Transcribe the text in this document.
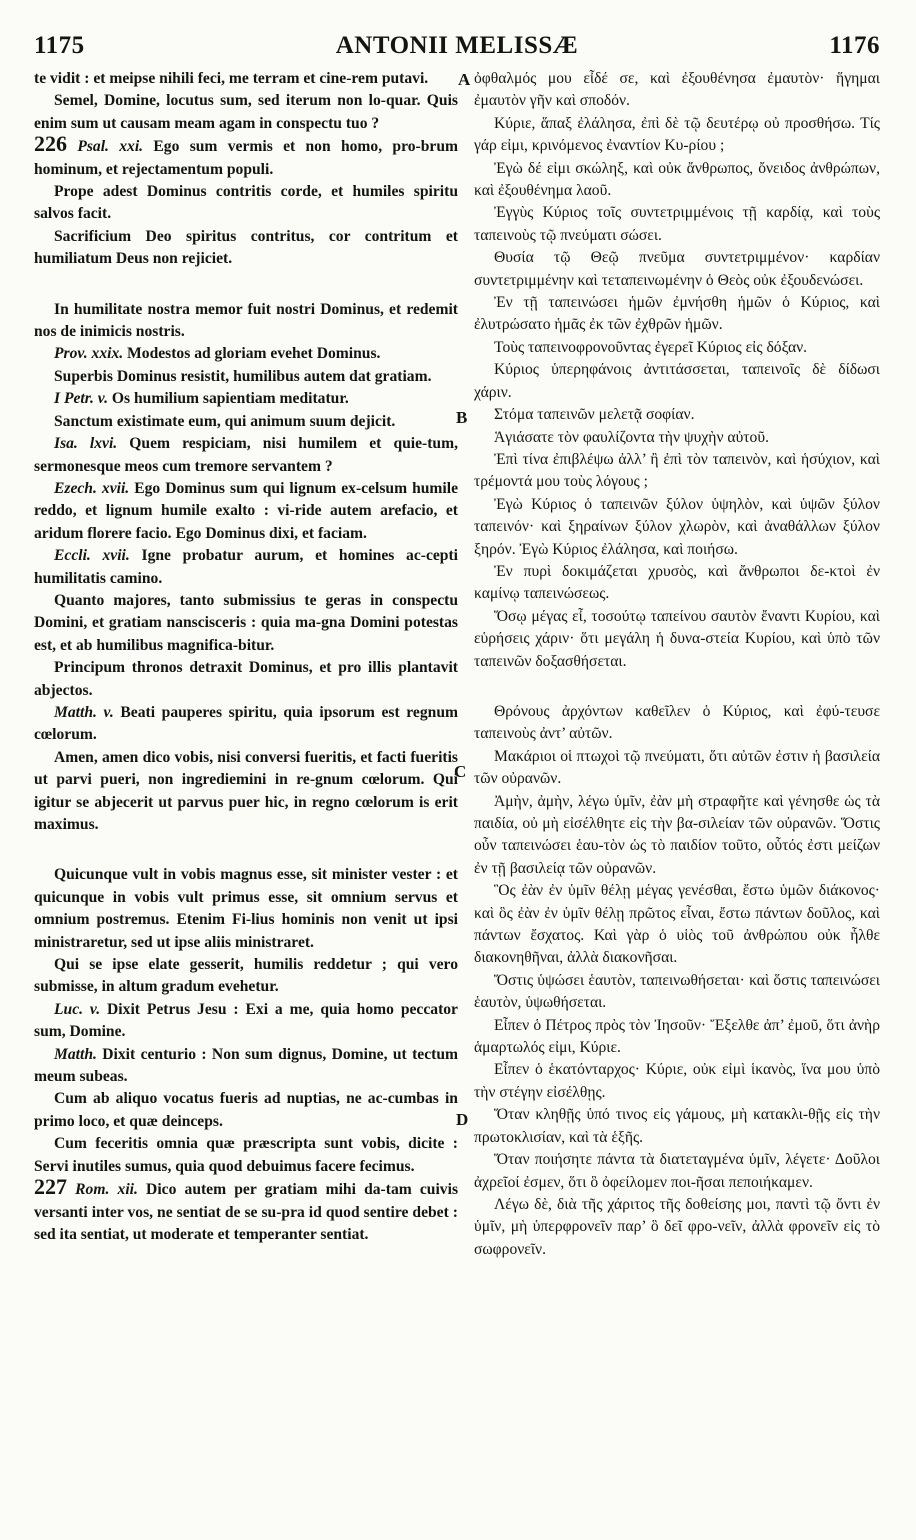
1175	ANTONII MELISSÆ	1176

te vidit : et meipse nihili feci, me terram et cine-rem putavi.

Semel, Domine, locutus sum, sed iterum non lo-quar. Quis enim sum ut causam meam agam in conspectu tuo ?

226 Psal. xxi. Ego sum vermis et non homo, pro-brum hominum, et rejectamentum populi.

Prope adest Dominus contritis corde, et humiles spiritu salvos facit.

Sacrificium Deo spiritus contritus, cor contritum et humiliatum Deus non rejiciet.

In humilitate nostra memor fuit nostri Dominus, et redemit nos de inimicis nostris.

Prov. xxix. Modestos ad gloriam evehet Dominus.

Superbis Dominus resistit, humilibus autem dat gratiam.

I Petr. v. Os humilium sapientiam meditatur.

Sanctum existimate eum, qui animum suum dejicit.

Isa. lxvi. Quem respiciam, nisi humilem et quie-tum, sermonesque meos cum tremore servantem ?

Ezech. xvii. Ego Dominus sum qui lignum ex-celsum humile reddo, et lignum humile exalto : vi-ride autem arefacio, et aridum florere facio. Ego Dominus dixi, et faciam.

Eccli. xvii. Igne probatur aurum, et homines ac-cepti humilitatis camino.

Quanto majores, tanto submissius te geras in conspectu Domini, et gratiam nanscisceris : quia ma-gna Domini potestas est, et ab humilibus magnifica-bitur.

Principum thronos detraxit Dominus, et pro illis plantavit abjectos.

Matth. v. Beati pauperes spiritu, quia ipsorum est regnum cœlorum.

Amen, amen dico vobis, nisi conversi fueritis, et facti fueritis ut parvi pueri, non ingrediemini in re-gnum cœlorum. Qui igitur se abjecerit ut parvus puer hic, in regno cœlorum is erit maximus.

Quicunque vult in vobis magnus esse, sit minister vester : et quicunque in vobis vult primus esse, sit omnium servus et omnium postremus. Etenim Fi-lius hominis non venit ut ipsi ministraretur, sed ut ipse aliis ministraret.

Qui se ipse elate gesserit, humilis reddetur ; qui vero submisse, in altum gradum evehetur.

Luc. v. Dixit Petrus Jesu : Exi a me, quia homo peccator sum, Domine.

Matth. Dixit centurio : Non sum dignus, Domine, ut tectum meum subeas.

Cum ab aliquo vocatus fueris ad nuptias, ne ac-cumbas in primo loco, et quæ deinceps.

Cum feceritis omnia quæ præscripta sunt vobis, dicite : Servi inutiles sumus, quia quod debuimus facere fecimus.

227 Rom. xii. Dico autem per gratiam mihi da-tam cuivis versanti inter vos, ne sentiat de se su-pra id quod sentire debet : sed ita sentiat, ut moderate et temperanter sentiat.

A
B
C
D

ὀφθαλμός μου εἶδέ σε, καὶ ἐξουθένησα ἐμαυτὸν· ἥγημαι ἐμαυτὸν γῆν καὶ σποδόν.

Κύριε, ἅπαξ ἐλάλησα, ἐπὶ δὲ τῷ δευτέρῳ οὐ προσθήσω. Τίς γάρ εἰμι, κρινόμενος ἐναντίον Κυ-ρίου ;

Ἐγὼ δέ εἰμι σκώληξ, καὶ οὐκ ἄνθρωπος, ὄνειδος ἀνθρώπων, καὶ ἐξουθένημα λαοῦ.

Ἐγγὺς Κύριος τοῖς συντετριμμένοις τῇ καρδίᾳ, καὶ τοὺς ταπεινοὺς τῷ πνεύματι σώσει.

Θυσία τῷ Θεῷ πνεῦμα συντετριμμένον· καρδίαν συντετριμμένην καὶ τεταπεινωμένην ὁ Θεὸς οὐκ ἐξουδενώσει.

Ἐν τῇ ταπεινώσει ἡμῶν ἐμνήσθη ἡμῶν ὁ Κύριος, καὶ ἐλυτρώσατο ἡμᾶς ἐκ τῶν ἐχθρῶν ἡμῶν.

Τοὺς ταπεινοφρονοῦντας ἐγερεῖ Κύριος εἰς δόξαν.

Κύριος ὑπερηφάνοις ἀντιτάσσεται, ταπεινοῖς δὲ δίδωσι χάριν.

Στόμα ταπεινῶν μελετᾷ σοφίαν.

Ἁγιάσατε τὸν φαυλίζοντα τὴν ψυχὴν αὐτοῦ.

Ἐπὶ τίνα ἐπιβλέψω ἀλλ’ ἢ ἐπὶ τὸν ταπεινὸν, καὶ ἡσύχιον, καὶ τρέμοντά μου τοὺς λόγους ;

Ἐγὼ Κύριος ὁ ταπεινῶν ξύλον ὑψηλὸν, καὶ ὑψῶν ξύλον ταπεινόν· καὶ ξηραίνων ξύλον χλωρὸν, καὶ ἀναθάλλων ξύλον ξηρόν. Ἐγὼ Κύριος ἐλάλησα, καὶ ποιήσω.

Ἐν πυρὶ δοκιμάζεται χρυσὸς, καὶ ἄνθρωποι δε-κτοὶ ἐν καμίνῳ ταπεινώσεως.

Ὅσῳ μέγας εἶ, τοσούτῳ ταπείνου σαυτὸν ἔναντι Κυρίου, καὶ εὑρήσεις χάριν· ὅτι μεγάλη ἡ δυνα-στεία Κυρίου, καὶ ὑπὸ τῶν ταπεινῶν δοξασθήσεται.

Θρόνους ἀρχόντων καθεῖλεν ὁ Κύριος, καὶ ἐφύ-τευσε ταπεινοὺς ἀντ’ αὐτῶν.

Μακάριοι οἱ πτωχοὶ τῷ πνεύματι, ὅτι αὐτῶν ἐστιν ἡ βασιλεία τῶν οὐρανῶν.

Ἀμὴν, ἀμὴν, λέγω ὑμῖν, ἐὰν μὴ στραφῆτε καὶ γένησθε ὡς τὰ παιδία, οὐ μὴ εἰσέλθητε εἰς τὴν βα-σιλείαν τῶν οὐρανῶν. Ὅστις οὖν ταπεινώσει ἑαυ-τὸν ὡς τὸ παιδίον τοῦτο, οὗτός ἐστι μείζων ἐν τῇ βασιλείᾳ τῶν οὐρανῶν.

Ὃς ἐὰν ἐν ὑμῖν θέλῃ μέγας γενέσθαι, ἔστω ὑμῶν διάκονος· καὶ ὃς ἐὰν ἐν ὑμῖν θέλῃ πρῶτος εἶναι, ἔστω πάντων δοῦλος, καὶ πάντων ἔσχατος. Καὶ γὰρ ὁ υἱὸς τοῦ ἀνθρώπου οὐκ ἦλθε διακονηθῆναι, ἀλλὰ διακονῆσαι.

Ὅστις ὑψώσει ἑαυτὸν, ταπεινωθήσεται· καὶ ὅστις ταπεινώσει ἑαυτὸν, ὑψωθήσεται.

Εἶπεν ὁ Πέτρος πρὸς τὸν Ἰησοῦν· Ἔξελθε ἀπ’ ἐμοῦ, ὅτι ἀνὴρ ἁμαρτωλός εἰμι, Κύριε.

Εἶπεν ὁ ἑκατόνταρχος· Κύριε, οὐκ εἰμὶ ἱκανὸς, ἵνα μου ὑπὸ τὴν στέγην εἰσέλθῃς.

Ὅταν κληθῇς ὑπό τινος εἰς γάμους, μὴ κατακλι-θῇς εἰς τὴν πρωτοκλισίαν, καὶ τὰ ἑξῆς.

Ὅταν ποιήσητε πάντα τὰ διατεταγμένα ὑμῖν, λέγετε· Δοῦλοι ἀχρεῖοί ἐσμεν, ὅτι ὃ ὀφείλομεν ποι-ῆσαι πεποιήκαμεν.

Λέγω δὲ, διὰ τῆς χάριτος τῆς δοθείσης μοι, παντὶ τῷ ὄντι ἐν ὑμῖν, μὴ ὑπερφρονεῖν παρ’ ὃ δεῖ φρο-νεῖν, ἀλλὰ φρονεῖν εἰς τὸ σωφρονεῖν.
